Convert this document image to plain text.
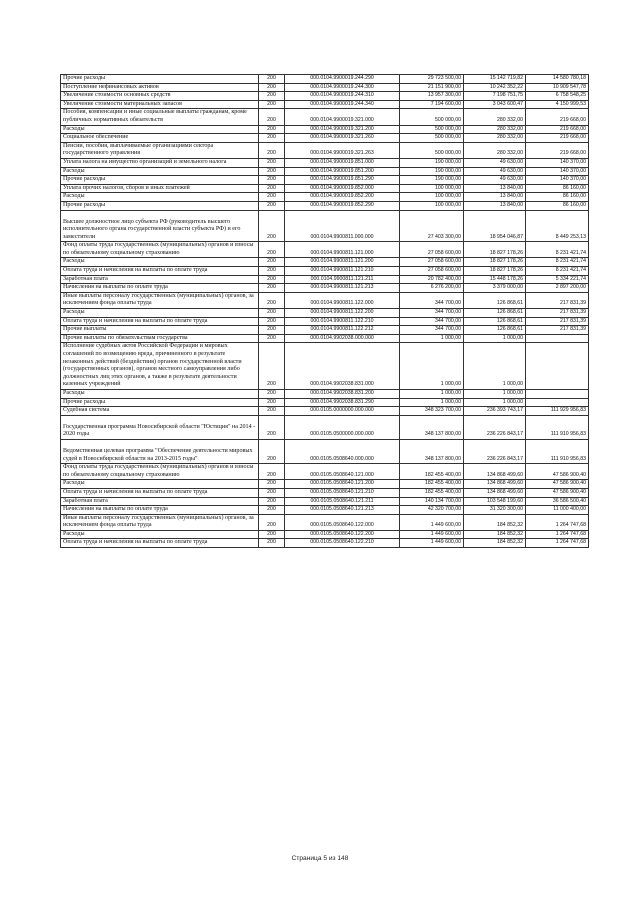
Прочие расходы	200	000.0104.9900019.244.290	29 723 500,00	15 142 719,82	14 580 780,18
Поступление нефинансовых активов	200	000.0104.9900019.244.300	21 151 900,00	10 242 352,22	10 909 547,78
Увеличение стоимости основных средств	200	000.0104.9900019.244.310	13 957 300,00	7 198 751,75	6 758 548,25
Увеличение стоимости материальных запасов	200	000.0104.9900019.244.340	7 194 600,00	3 043 600,47	4 150 999,53
Пособия, компенсации и иные социальные выплаты гражданам, кроме публичных нормативных обязательств	200	000.0104.9900019.321.000	500 000,00	280 332,00	219 668,00
Расходы	200	000.0104.9900019.321.200	500 000,00	280 332,00	219 668,00
Социальное обеспечение	200	000.0104.9900019.321.260	500 000,00	280 332,00	219 668,00
Пенсии, пособия, выплачиваемые организациями сектора государственного управления	200	000.0104.9900019.321.263	500 000,00	280 332,00	219 668,00
Уплата налога на имущество организаций и земельного налога	200	000.0104.9900019.851.000	190 000,00	49 630,00	140 370,00
Расходы	200	000.0104.9900019.851.200	190 000,00	49 630,00	140 370,00
Прочие расходы	200	000.0104.9900019.851.290	190 000,00	49 630,00	140 370,00
Уплата прочих налогов, сборов и иных платежей	200	000.0104.9900019.852.000	100 000,00	13 840,00	86 160,00
Расходы	200	000.0104.9900019.852.200	100 000,00	13 840,00	86 160,00
Прочие расходы	200	000.0104.9900019.852.290	100 000,00	13 840,00	86 160,00
Высшее должностное лицо субъекта РФ (руководитель высшего исполнительного органа государственной власти субъекта РФ) и его заместители	200	000.0104.9900811.000.000	27 403 300,00	18 954 046,87	8 449 253,13
Фонд оплаты труда государственных (муниципальных) органов и взносы по обязательному социальному страхованию	200	000.0104.9900811.121.000	27 058 600,00	18 827 178,26	8 231 421,74
Расходы	200	000.0104.9900811.121.200	27 058 600,00	18 827 178,26	8 231 421,74
Оплата труда и начисления на выплаты по оплате труда	200	000.0104.9900811.121.210	27 058 600,00	18 827 178,26	8 231 421,74
Заработная плата	200	000.0104.9900811.121.211	20 782 400,00	15 448 178,26	5 334 221,74
Начисления на выплаты по оплате труда	200	000.0104.9900811.121.213	6 276 200,00	3 379 000,00	2 897 200,00
Иные выплаты персоналу государственных (муниципальных) органов, за исключением фонда оплаты труда	200	000.0104.9900811.122.000	344 700,00	126 868,61	217 831,39
Расходы	200	000.0104.9900811.122.200	344 700,00	126 868,61	217 831,39
Оплата труда и начисления на выплаты по оплате труда	200	000.0104.9900811.122.210	344 700,00	126 868,61	217 831,39
Прочие выплаты	200	000.0104.9900811.122.212	344 700,00	126 868,61	217 831,39
Прочие выплаты по обязательствам государства	200	000.0104.9902038.000.000	1 000,00	1 000,00	
Исполнение судебных актов Российской Федерации и мировых соглашений по возмещению вреда, причиненного в результате незаконных действий (бездействия) органов государственной власти (государственных органов), органов местного самоуправления либо должностных лиц этих органов, а также в результате деятельности казенных учреждений	200	000.0104.9902038.831.000	1 000,00	1 000,00	
Расходы	200	000.0104.9902038.831.200	1 000,00	1 000,00	
Прочие расходы	200	000.0104.9902038.831.290	1 000,00	1 000,00	
Судебная система	200	000.0105.0000000.000.000	348 323 700,00	236 393 743,17	111 929 956,83
Государственная программа Новосибирской области "Юстиция" на 2014 - 2020 годы	200	000.0105.0500000.000.000	348 137 800,00	236 226 843,17	111 910 956,83
Ведомственная целевая программа "Обеспечение деятельности мировых судей в Новосибирской области на 2013-2015 годы"	200	000.0105.0508640.000.000	348 137 800,00	236 226 843,17	111 910 956,83
Фонд оплаты труда государственных (муниципальных) органов и взносы по обязательному социальному страхованию	200	000.0105.0508640.121.000	182 455 400,00	134 868 499,60	47 586 900,40
Расходы	200	000.0105.0508640.121.200	182 455 400,00	134 868 499,60	47 586 900,40
Оплата труда и начисления на выплаты по оплате труда	200	000.0105.0508640.121.210	182 455 400,00	134 868 499,60	47 586 900,40
Заработная плата	200	000.0105.0508640.121.211	140 134 700,00	103 548 199,60	36 586 500,40
Начисления на выплаты по оплате труда	200	000.0105.0508640.121.213	42 320 700,00	31 320 300,00	11 000 400,00
Иные выплаты персоналу государственных (муниципальных) органов, за исключением фонда оплаты труда	200	000.0105.0508640.122.000	1 449 600,00	184 852,32	1 264 747,68
Расходы	200	000.0105.0508640.122.200	1 449 600,00	184 852,32	1 264 747,68
Оплата труда и начисления на выплаты по оплате труда	200	000.0105.0508640.122.210	1 449 600,00	184 852,32	1 264 747,68
Страница 5 из 148
